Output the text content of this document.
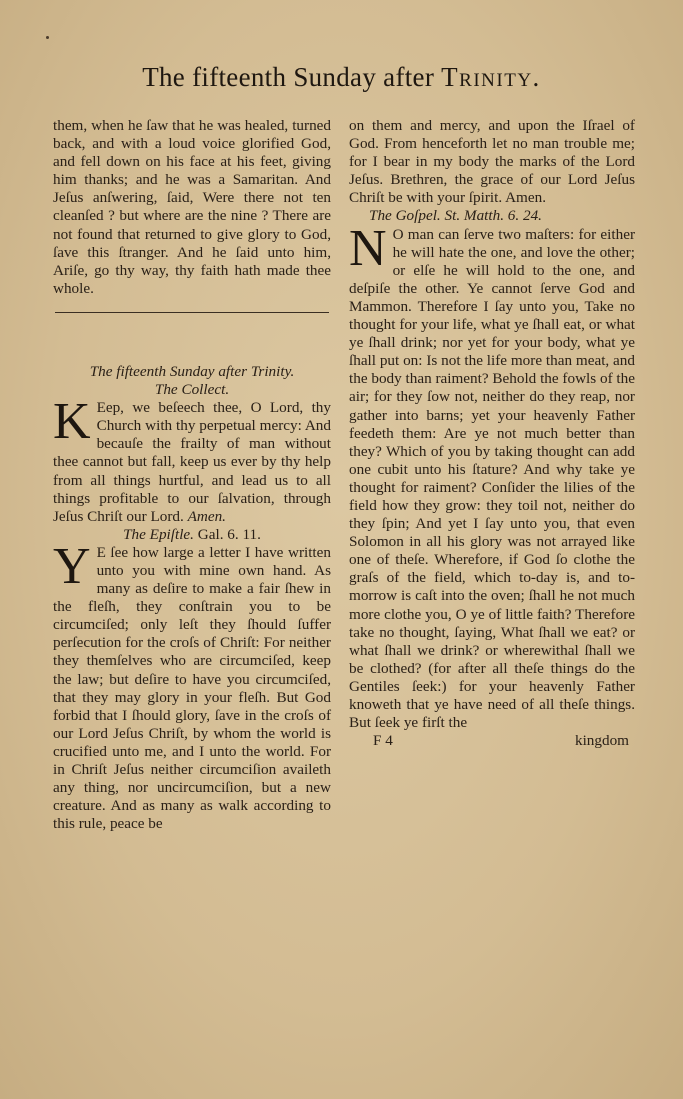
The fifteenth Sunday after Trinity.

them, when he ſaw that he was healed, turned back, and with a loud voice glorified God, and fell down on his face at his feet, giving him thanks; and he was a Samaritan. And Jeſus anſwering, ſaid, Were there not ten cleanſed ? but where are the nine ? There are not found that returned to give glory to God, ſave this ſtranger. And he ſaid unto him, Ariſe, go thy way, thy faith hath made thee whole.

The fifteenth Sunday after Trinity.

The Collect.

K Eep, we beſeech thee, O Lord, thy Church with thy perpetual mercy: And becauſe the frailty of man without thee cannot but fall, keep us ever by thy help from all things hurtful, and lead us to all things profitable to our ſalvation, through Jeſus Chriſt our Lord. Amen.

The Epiſtle. Gal. 6. 11.

Y E ſee how large a letter I have written unto you with mine own hand. As many as deſire to make a fair ſhew in the fleſh, they conſtrain you to be circumciſed; only leſt they ſhould ſuffer perſecution for the croſs of Chriſt: For neither they themſelves who are circumciſed, keep the law; but deſire to have you circumciſed, that they may glory in your fleſh. But God forbid that I ſhould glory, ſave in the croſs of our Lord Jeſus Chriſt, by whom the world is crucified unto me, and I unto the world. For in Chriſt Jeſus neither circumciſion availeth any thing, nor uncircumciſion, but a new creature. And as many as walk according to this rule, peace be

on them and mercy, and upon the Iſrael of God. From henceforth let no man trouble me; for I bear in my body the marks of the Lord Jeſus. Brethren, the grace of our Lord Jeſus Chriſt be with your ſpirit. Amen.

The Goſpel. St. Matth. 6. 24.

N O man can ſerve two maſters: for either he will hate the one, and love the other; or elſe he will hold to the one, and deſpiſe the other. Ye cannot ſerve God and Mammon. Therefore I ſay unto you, Take no thought for your life, what ye ſhall eat, or what ye ſhall drink; nor yet for your body, what ye ſhall put on: Is not the life more than meat, and the body than raiment? Behold the fowls of the air; for they ſow not, neither do they reap, nor gather into barns; yet your heavenly Father feedeth them: Are ye not much better than they? Which of you by taking thought can add one cubit unto his ſtature? And why take ye thought for raiment? Conſider the lilies of the field how they grow: they toil not, neither do they ſpin; And yet I ſay unto you, that even Solomon in all his glory was not arrayed like one of theſe. Wherefore, if God ſo clothe the graſs of the field, which to-day is, and to-morrow is caſt into the oven; ſhall he not much more clothe you, O ye of little faith? Therefore take no thought, ſaying, What ſhall we eat? or what ſhall we drink? or wherewithal ſhall we be clothed? (for after all theſe things do the Gentiles ſeek:) for your heavenly Father knoweth that ye have need of all theſe things. But ſeek ye firſt the

F 4	kingdom
